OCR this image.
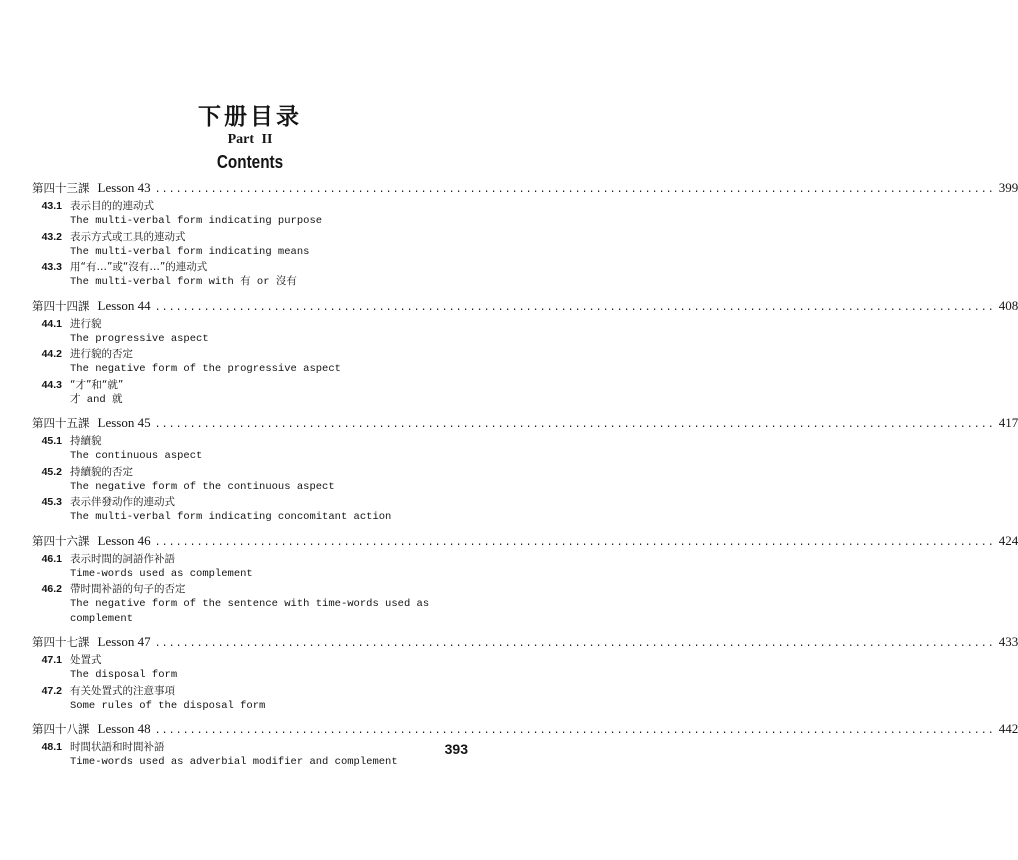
下册目录
Part II
Contents
第四十三課 Lesson 43 ........................................................................................................................ 399
43.1 表示目的的連动式
The multi-verbal form indicating purpose
43.2 表示方式或工具的連动式
The multi-verbal form indicating means
43.3 用“有…”或“沒有…”的連动式
The multi-verbal form with 有 or 沒有
第四十四課 Lesson 44 ........................................................................................................................ 408
44.1 进行貌
The progressive aspect
44.2 进行貌的否定
The negative form of the progressive aspect
44.3 “才”和“就”
才 and 就
第四十五課 Lesson 45 ........................................................................................................................ 417
45.1 持續貌
The continuous aspect
45.2 持續貌的否定
The negative form of the continuous aspect
45.3 表示伴發动作的連动式
The multi-verbal form indicating concomitant action
第四十六課 Lesson 46 ........................................................................................................................ 424
46.1 表示时間的詞語作补語
Time-words used as complement
46.2 帶时間补語的句子的否定
The negative form of the sentence with time-words used as complement
第四十七課 Lesson 47 ........................................................................................................................ 433
47.1 处置式
The disposal form
47.2 有关处置式的注意事項
Some rules of the disposal form
第四十八課 Lesson 48 ........................................................................................................................ 442
48.1 时間状語和时間补語
Time-words used as adverbial modifier and complement
393
